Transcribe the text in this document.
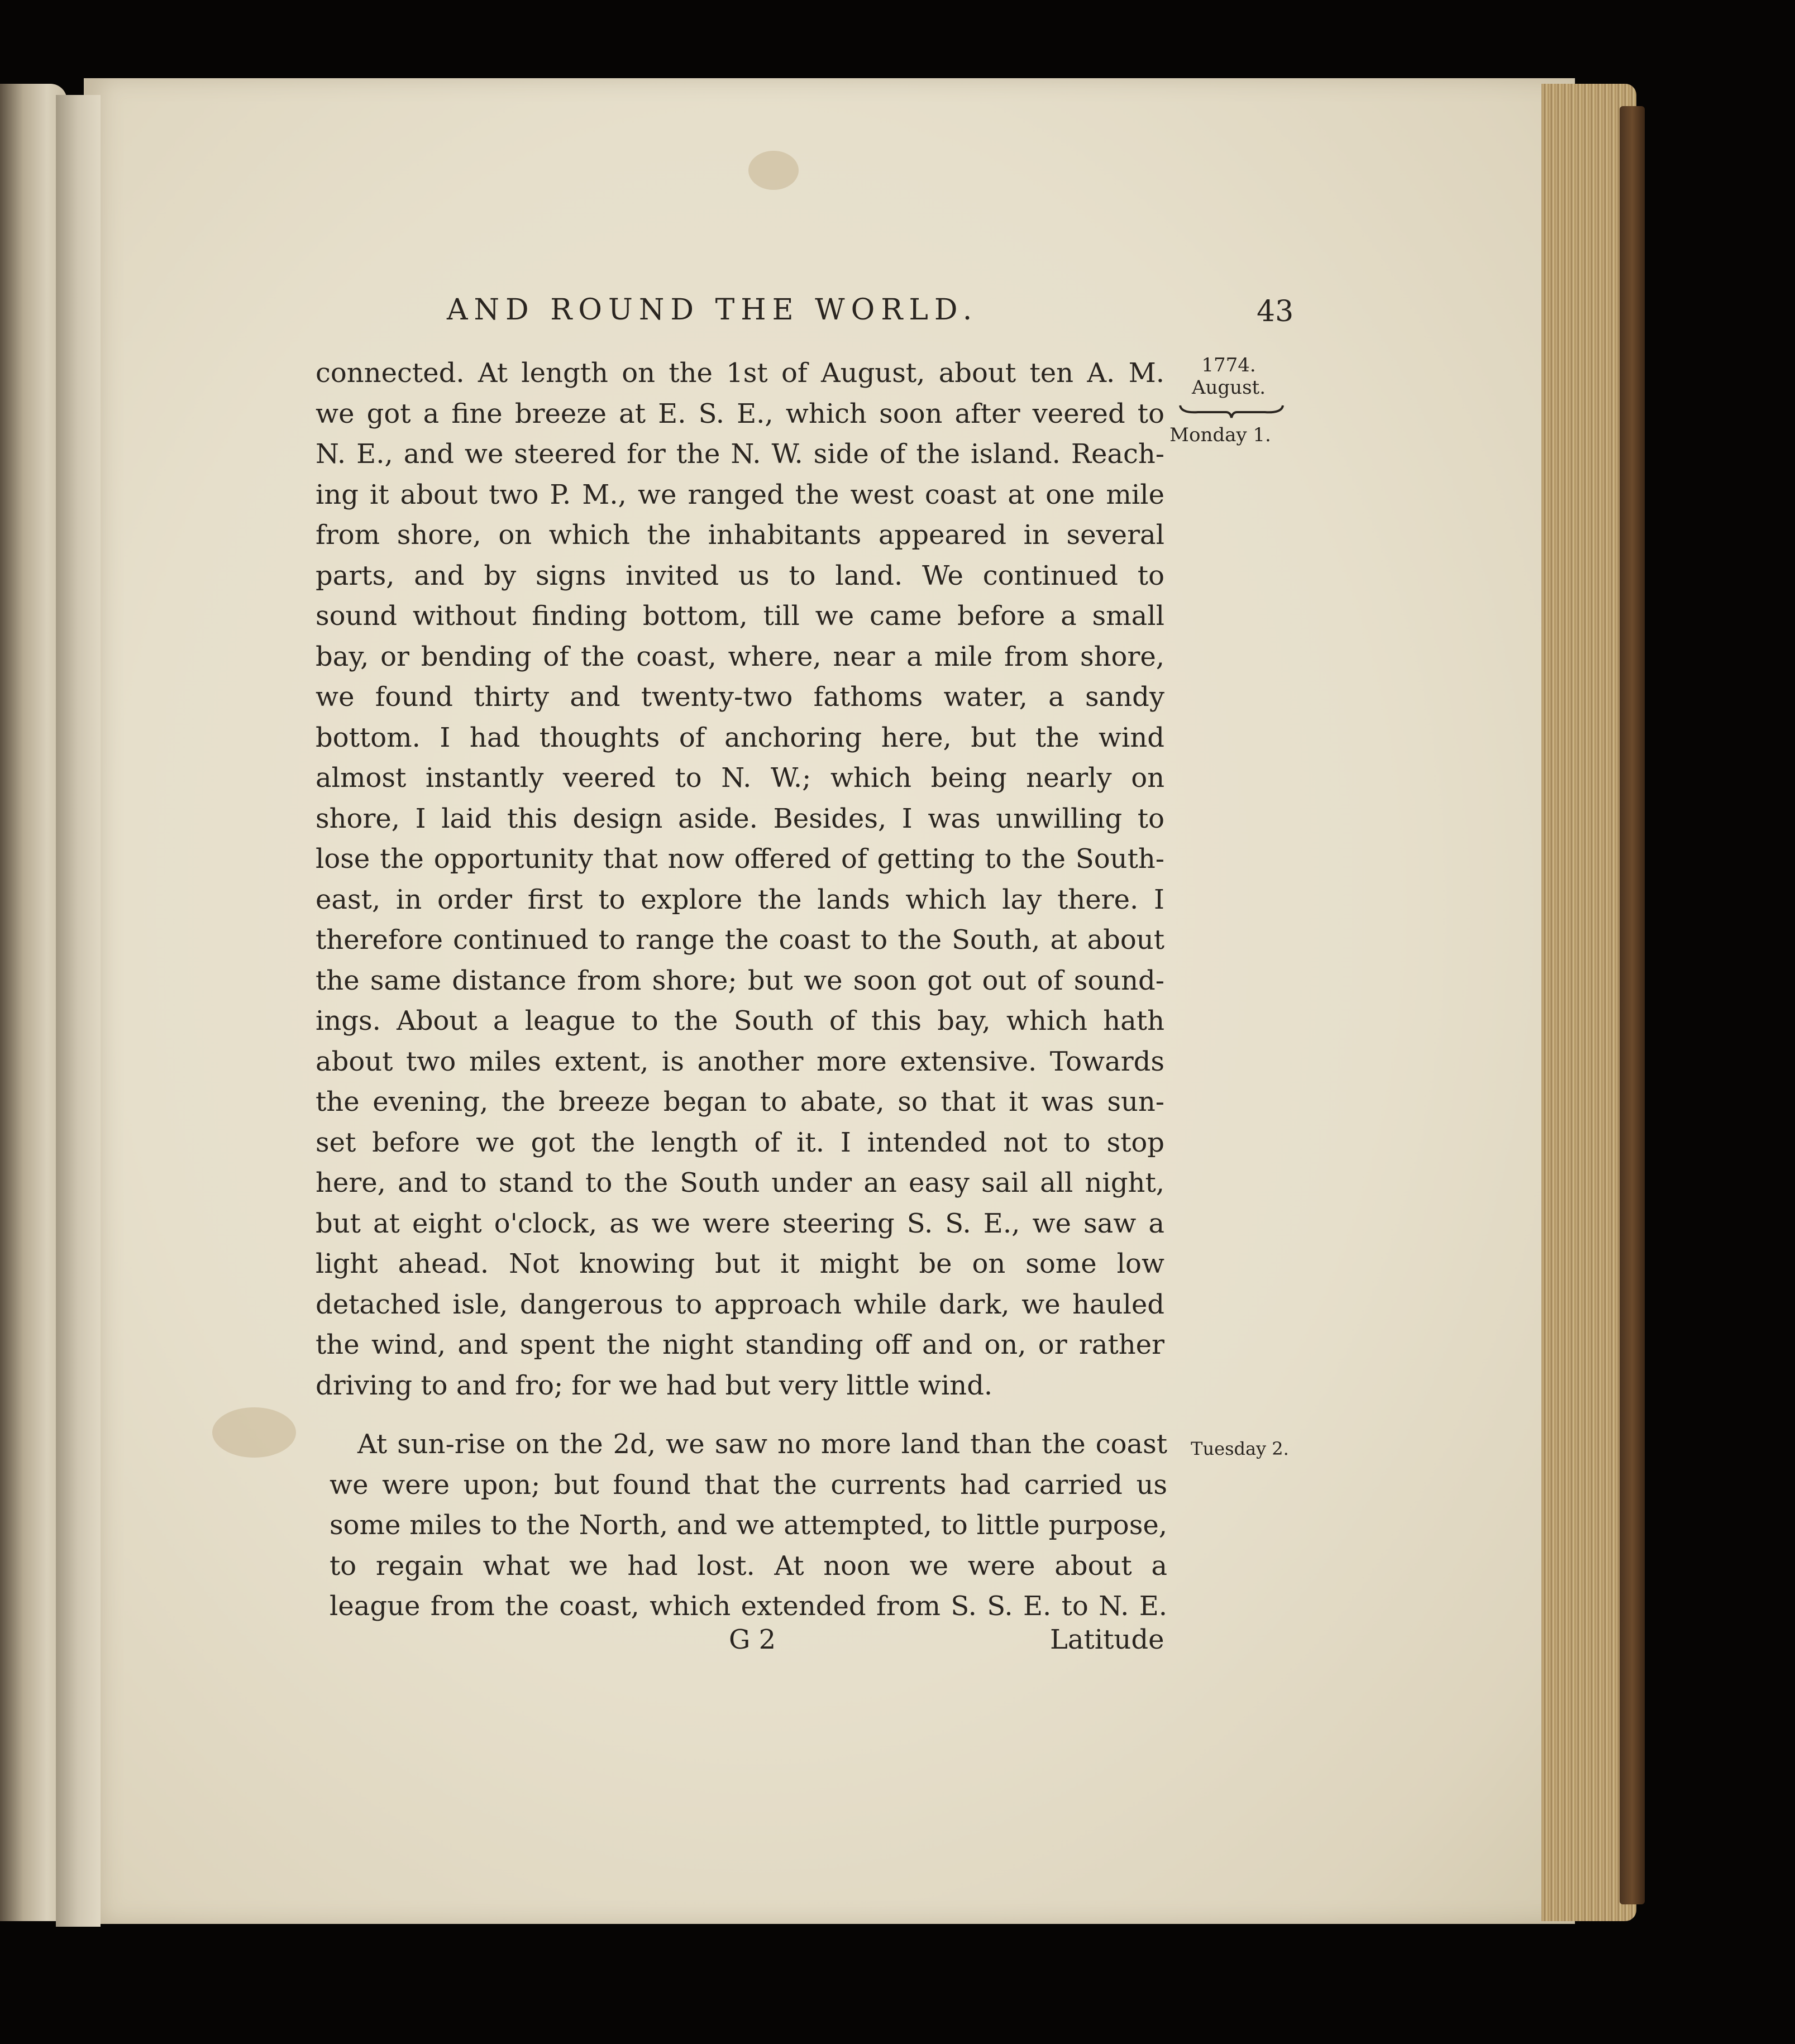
AND ROUND THE WORLD.	43
1774.
August.
Monday 1.
connected. At length on the 1st of August, about ten A. M.
we got a fine breeze at E. S. E., which soon after veered to
N. E., and we steered for the N. W. side of the island. Reach-
ing it about two P. M., we ranged the west coast at one mile
from shore, on which the inhabitants appeared in several
parts, and by signs invited us to land. We continued to
sound without finding bottom, till we came before a small
bay, or bending of the coast, where, near a mile from shore,
we found thirty and twenty-two fathoms water, a sandy
bottom. I had thoughts of anchoring here, but the wind
almost instantly veered to N. W.; which being nearly on
shore, I laid this design aside. Besides, I was unwilling to
lose the opportunity that now offered of getting to the South-
east, in order first to explore the lands which lay there. I
therefore continued to range the coast to the South, at about
the same distance from shore; but we soon got out of sound-
ings. About a league to the South of this bay, which hath
about two miles extent, is another more extensive. Towards
the evening, the breeze began to abate, so that it was sun-
set before we got the length of it. I intended not to stop
here, and to stand to the South under an easy sail all night,
but at eight o'clock, as we were steering S. S. E., we saw a
light ahead. Not knowing but it might be on some low
detached isle, dangerous to approach while dark, we hauled
the wind, and spent the night standing off and on, or rather
driving to and fro; for we had but very little wind.
Tuesday 2.
At sun-rise on the 2d, we saw no more land than the coast
we were upon; but found that the currents had carried us
some miles to the North, and we attempted, to little purpose,
to regain what we had lost. At noon we were about a
league from the coast, which extended from S. S. E. to N. E.
G 2	Latitude
